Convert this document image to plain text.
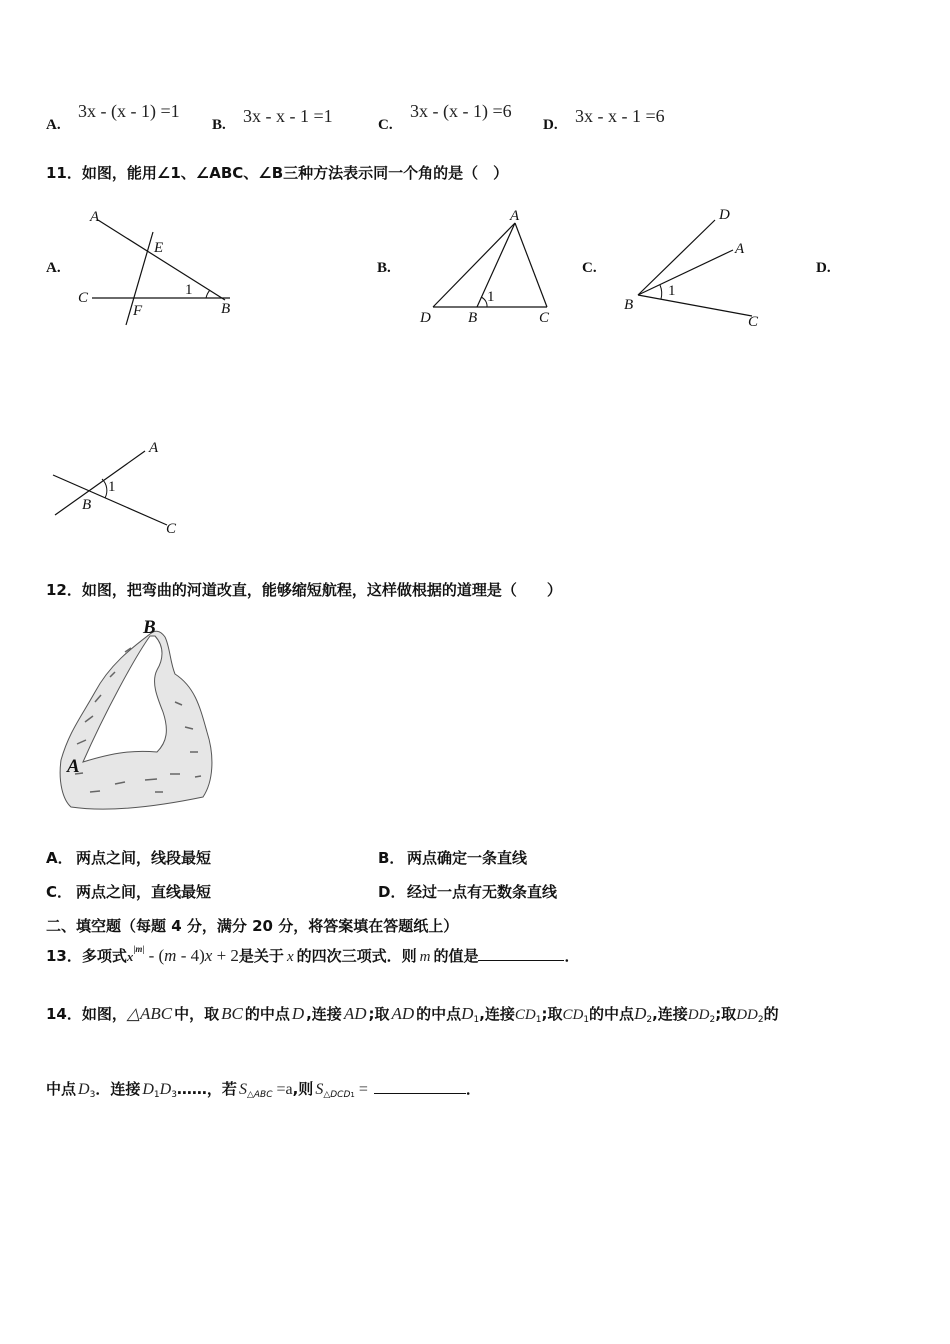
A.
3x - (x - 1) =1
B. 3x - x - 1 =1	C.
3x - (x - 1) =6
D. 3x - x - 1 =6
11．如图，能用∠1、∠ABC、∠B三种方法表示同一个角的是（　）
A.
A
E
1
C
F	B
B.
A
1
D B	C
C.
D
A
B
1
C
D.
A
1
B
C
12．如图，把弯曲的河道改直，能够缩短航程，这样做根据的道理是（　　）
B
A
A． 两点之间，线段最短	B． 两点确定一条直线
C． 两点之间，直线最短	D． 经过一点有无数条直线
二、填空题（每题 4 分，满分 20 分，将答案填在答题纸上）
13．多项式$x^{|m|} - (m - 4)x + 2$是关于 x 的四次三项式．则 m 的值是	．
14．如图，△ABC 中，取 BC 的中点 D ,连接 AD ;取 AD 的中点$D_1$,连接$CD_1$;取$CD_1$的中点$D_2$,连接$DD_2$;取$DD_2$的
中点 $D_3$．连接 $D_1D_3\dots\dots$，若 $S_{\triangle ABC} =a$,则 $S_{\triangle DCD1}$ =	．
